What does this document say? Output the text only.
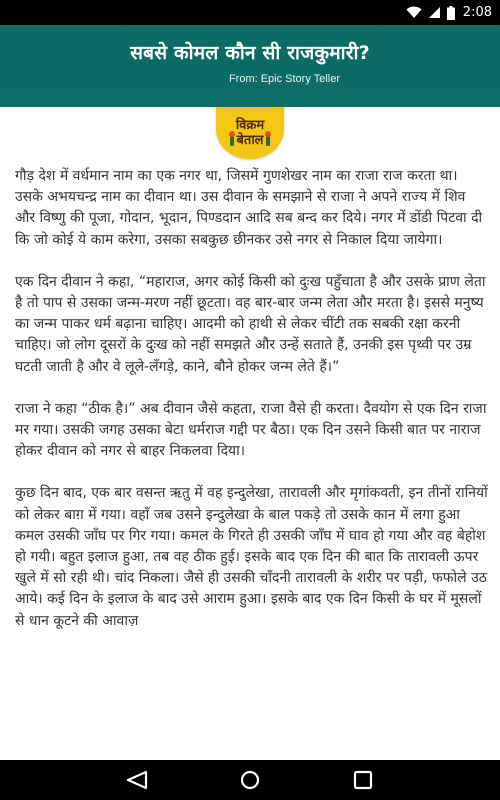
2:08
सबसे कोमल कौन सी राजकुमारी?
From: Epic Story Teller
विक्रम
बेताल

गौड़ देश में वर्धमान नाम का एक नगर था, जिसमें गुणशेखर नाम का राजा राज करता था। उसके अभयचन्द्र नाम का दीवान था। उस दीवान के समझाने से राजा ने अपने राज्य में शिव और विष्णु की पूजा, गोदान, भूदान, पिण्डदान आदि सब बन्द कर दिये। नगर में डोंडी पिटवा दी कि जो कोई ये काम करेगा, उसका सबकुछ छीनकर उसे नगर से निकाल दिया जायेगा।

एक दिन दीवान ने कहा, “महाराज, अगर कोई किसी को दुःख पहुँचाता है और उसके प्राण लेता है तो पाप से उसका जन्म-मरण नहीं छूटता। वह बार-बार जन्म लेता और मरता है। इससे मनुष्य का जन्म पाकर धर्म बढ़ाना चाहिए। आदमी को हाथी से लेकर चींटी तक सबकी रक्षा करनी चाहिए। जो लोग दूसरों के दुःख को नहीं समझते और उन्हें सताते हैं, उनकी इस पृथ्वी पर उम्र घटती जाती है और वे लूले-लँगड़े, काने, बौने होकर जन्म लेते हैं।”

राजा ने कहा “ठीक है।” अब दीवान जैसे कहता, राजा वैसे ही करता। दैवयोग से एक दिन राजा मर गया। उसकी जगह उसका बेटा धर्मराज गद्दी पर बैठा। एक दिन उसने किसी बात पर नाराज होकर दीवान को नगर से बाहर निकलवा दिया।

कुछ दिन बाद, एक बार वसन्त ऋतु में वह इन्दुलेखा, तारावली और मृगांकवती, इन तीनों रानियों को लेकर बाग़ में गया। वहाँ जब उसने इन्दुलेखा के बाल पकड़े तो उसके कान में लगा हुआ कमल उसकी जाँघ पर गिर गया। कमल के गिरते ही उसकी जाँघ में घाव हो गया और वह बेहोश हो गयी। बहुत इलाज हुआ, तब वह ठीक हुई। इसके बाद एक दिन की बात कि तारावली ऊपर खुले में सो रही थी। चांद निकला। जैसे ही उसकी चाँदनी तारावली के शरीर पर पड़ी, फफोले उठ आये। कई दिन के इलाज के बाद उसे आराम हुआ। इसके बाद एक दिन किसी के घर में मूसलों से धान कूटने की आवाज़
